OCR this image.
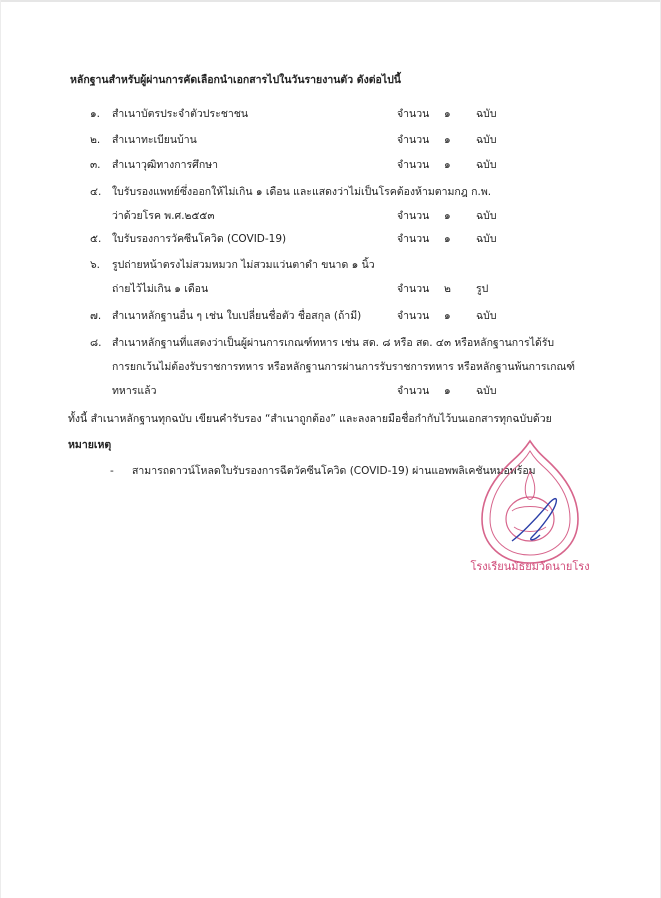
หลักฐานสำหรับผู้ผ่านการคัดเลือกนำเอกสารไปในวันรายงานตัว ดังต่อไปนี้
๑. สำเนาบัตรประจำตัวประชาชน	จำนวน ๑ ฉบับ
๒. สำเนาทะเบียนบ้าน	จำนวน ๑ ฉบับ
๓. สำเนาวุฒิทางการศึกษา	จำนวน ๑ ฉบับ
๔. ใบรับรองแพทย์ซึ่งออกให้ไม่เกิน ๑ เดือน และแสดงว่าไม่เป็นโรคต้องห้ามตามกฎ ก.พ.
ว่าด้วยโรค พ.ศ.๒๕๕๓	จำนวน ๑ ฉบับ
๕. ใบรับรองการวัคซีนโควิด (COVID-19)	จำนวน ๑ ฉบับ
๖. รูปถ่ายหน้าตรงไม่สวมหมวก ไม่สวมแว่นตาดำ ขนาด ๑ นิ้ว
ถ่ายไว้ไม่เกิน ๑ เดือน	จำนวน ๒ รูป
๗. สำเนาหลักฐานอื่น ๆ เช่น ใบเปลี่ยนชื่อตัว ชื่อสกุล (ถ้ามี)	จำนวน ๑ ฉบับ
๘. สำเนาหลักฐานที่แสดงว่าเป็นผู้ผ่านการเกณฑ์ทหาร เช่น สด. ๘ หรือ สด. ๔๓ หรือหลักฐานการได้รับ
การยกเว้นไม่ต้องรับราชการทหาร หรือหลักฐานการผ่านการรับราชการทหาร หรือหลักฐานพ้นการเกณฑ์
ทหารแล้ว	จำนวน ๑ ฉบับ
ทั้งนี้ สำเนาหลักฐานทุกฉบับ เขียนคำรับรอง “สำเนาถูกต้อง” และลงลายมือชื่อกำกับไว้บนเอกสารทุกฉบับด้วย
หมายเหตุ
- สามารถดาวน์โหลดใบรับรองการฉีดวัคซีนโควิด (COVID-19) ผ่านแอพพลิเคชันหมอพร้อม
โรงเรียนมัธยมวัดนายโรง
